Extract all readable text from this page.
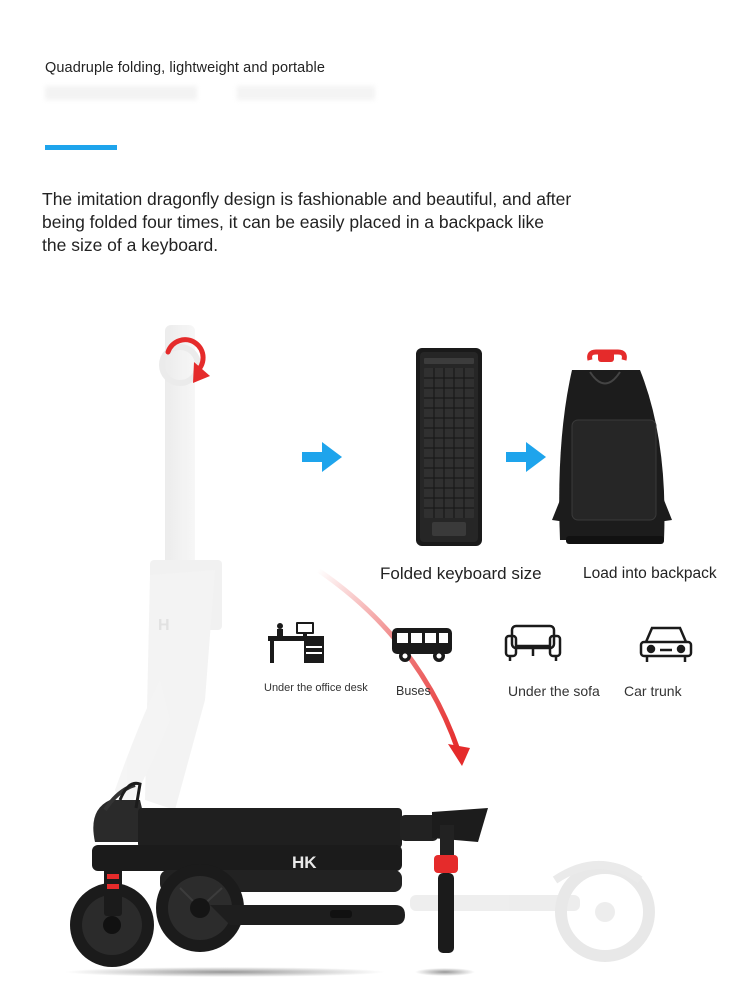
Quadruple folding, lightweight and portable
The imitation dragonfly design is fashionable and beautiful, and after being folded four times, it can be easily placed in a backpack like the size of a keyboard.
H
HK
Folded keyboard size	Load into backpack
Under the office desk Buses	Under the sofa Car trunk
